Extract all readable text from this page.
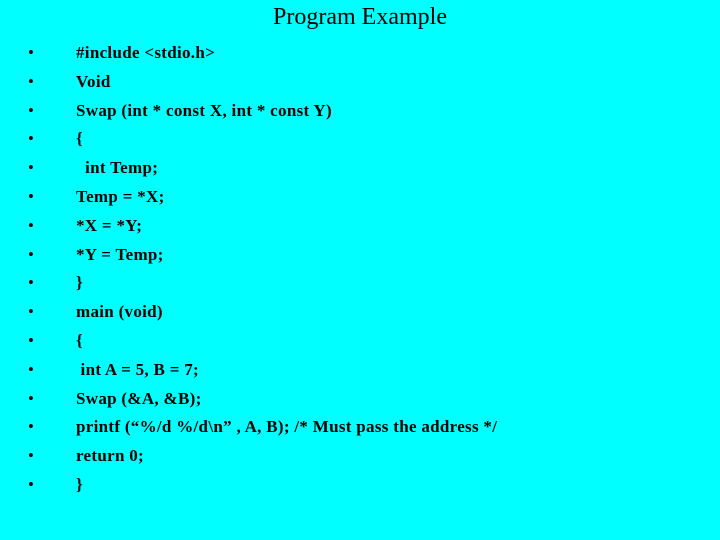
Program Example
• #include <stdio.h>
• Void
• Swap (int * const X, int * const Y)
• {
• int Temp;
• Temp = *X;
• *X = *Y;
• *Y = Temp;
• }
• main (void)
• {
• int A = 5, B = 7;
• Swap (&A, &B);
• printf (“%/d %/d\n” , A, B); /* Must pass the address */
• return 0;
• }
